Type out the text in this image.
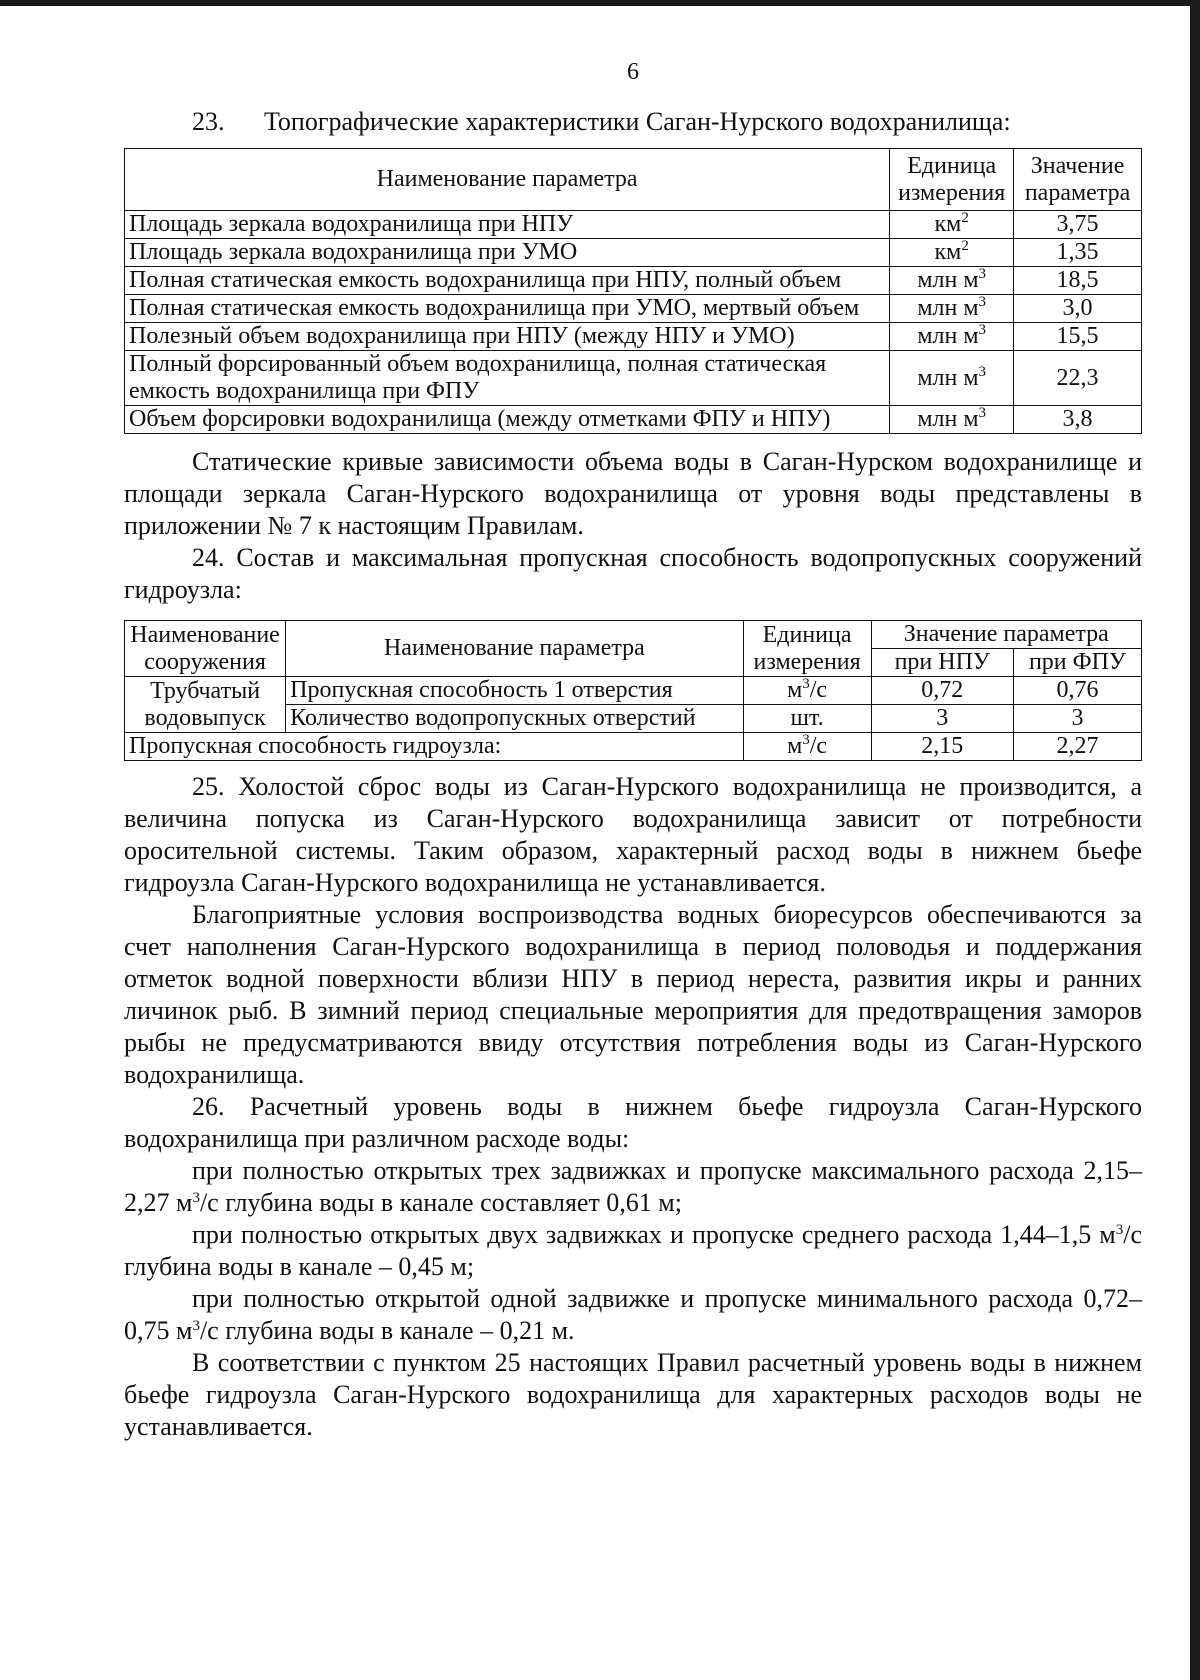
6
23. Топографические характеристики Саган-Нурского водохранилища:
Наименование параметра	Единица измерения	Значение параметра
Площадь зеркала водохранилища при НПУ	$км^2$	3,75
Площадь зеркала водохранилища при УМО	$км^2$	1,35
Полная статическая емкость водохранилища при НПУ, полный объем	млн $м^3$	18,5
Полная статическая емкость водохранилища при УМО, мертвый объем	млн $м^3$	3,0
Полезный объем водохранилища при НПУ (между НПУ и УМО)	млн $м^3$	15,5
Полный форсированный объем водохранилища, полная статическая емкость водохранилища при ФПУ	млн $м^3$	22,3
Объем форсировки водохранилища (между отметками ФПУ и НПУ)	млн $м^3$	3,8

Статические кривые зависимости объема воды в Саган-Нурском водохранилище и площади зеркала Саган-Нурского водохранилища от уровня воды представлены в приложении № 7 к настоящим Правилам.

24. Состав и максимальная пропускная способность водопропускных сооружений гидроузла:

Наименование сооружения	Наименование параметра	Единица измерения	Значение параметра	
			при НПУ	при ФПУ
Трубчатый водовыпуск	Пропускная способность 1 отверстия	$м^3/с$	0,72	0,76
	Количество водопропускных отверстий	шт.	3	3
Пропускная способность гидроузла:		$м^3/с$	2,15	2,27

25. Холостой сброс воды из Саган-Нурского водохранилища не производится, а величина попуска из Саган-Нурского водохранилища зависит от потребности оросительной системы. Таким образом, характерный расход воды в нижнем бьефе гидроузла Саган-Нурского водохранилища не устанавливается.

Благоприятные условия воспроизводства водных биоресурсов обеспечиваются за счет наполнения Саган-Нурского водохранилища в период половодья и поддержания отметок водной поверхности вблизи НПУ в период нереста, развития икры и ранних личинок рыб. В зимний период специальные мероприятия для предотвращения заморов рыбы не предусматриваются ввиду отсутствия потребления воды из Саган-Нурского водохранилища.

26. Расчетный уровень воды в нижнем бьефе гидроузла Саган-Нурского водохранилища при различном расходе воды:

при полностью открытых трех задвижках и пропуске максимального расхода 2,15–2,27 $м^3/с$ глубина воды в канале составляет 0,61 м;

при полностью открытых двух задвижках и пропуске среднего расхода 1,44–1,5 $м^3/с$ глубина воды в канале – 0,45 м;

при полностью открытой одной задвижке и пропуске минимального расхода 0,72–0,75 $м^3/с$ глубина воды в канале – 0,21 м.

В соответствии с пунктом 25 настоящих Правил расчетный уровень воды в нижнем бьефе гидроузла Саган-Нурского водохранилища для характерных расходов воды не устанавливается.
